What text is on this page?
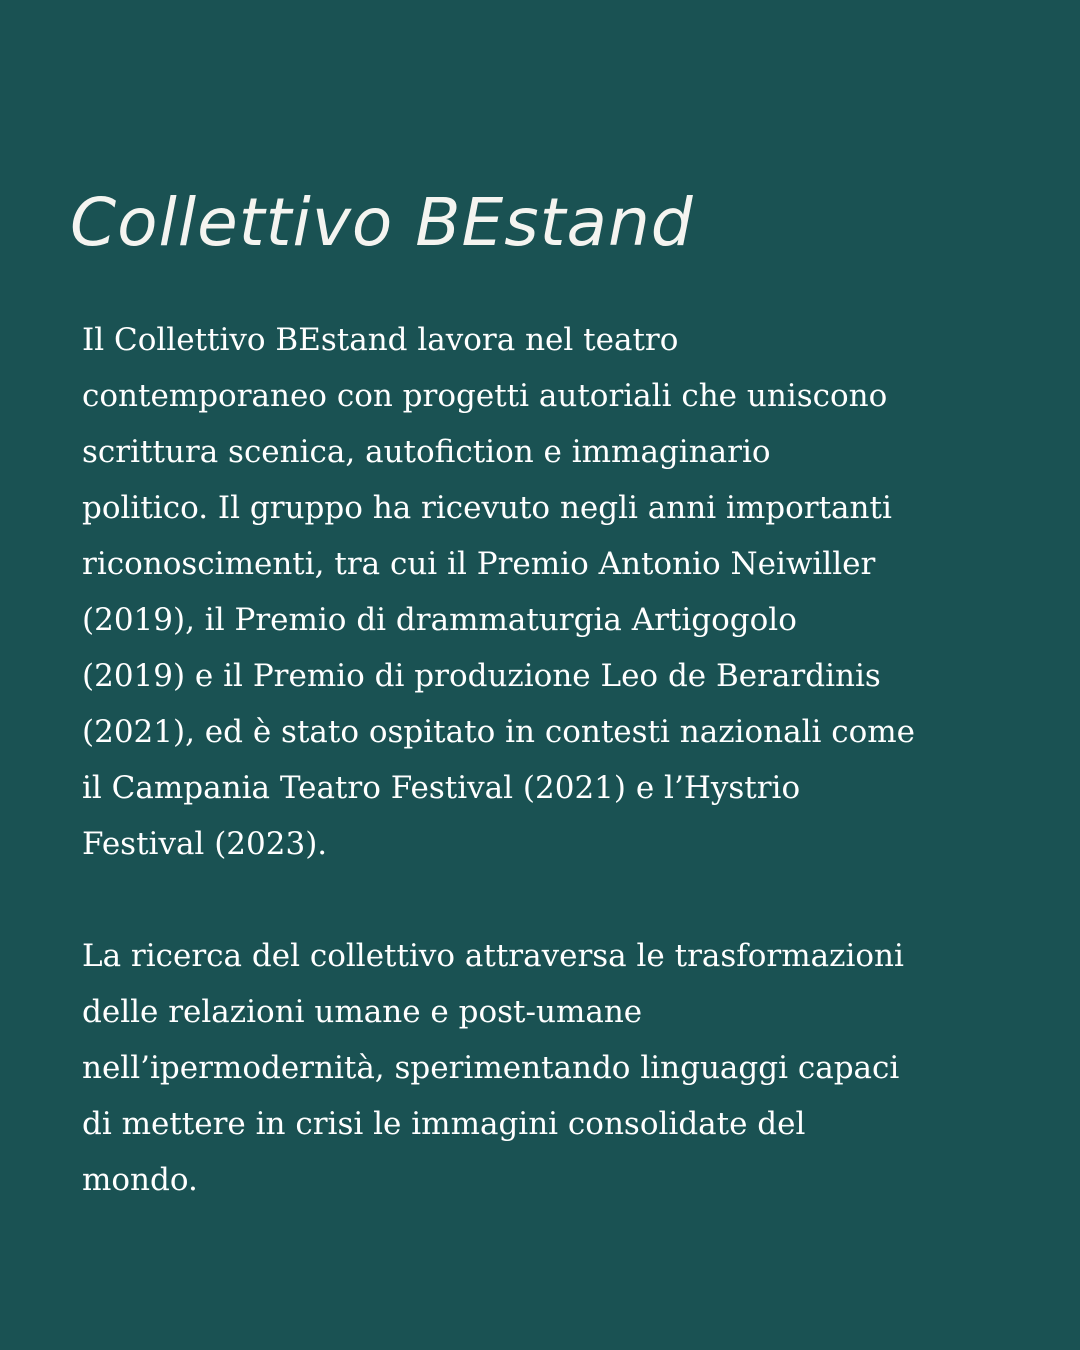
Collettivo BEstand

Il Collettivo BEstand lavora nel teatro
contemporaneo con progetti autoriali che uniscono
scrittura scenica, autofiction e immaginario
politico. Il gruppo ha ricevuto negli anni importanti
riconoscimenti, tra cui il Premio Antonio Neiwiller
(2019), il Premio di drammaturgia Artigogolo
(2019) e il Premio di produzione Leo de Berardinis
(2021), ed è stato ospitato in contesti nazionali come
il Campania Teatro Festival (2021) e l’Hystrio
Festival (2023).

La ricerca del collettivo attraversa le trasformazioni
delle relazioni umane e post-umane
nell’ipermodernità, sperimentando linguaggi capaci
di mettere in crisi le immagini consolidate del
mondo.
